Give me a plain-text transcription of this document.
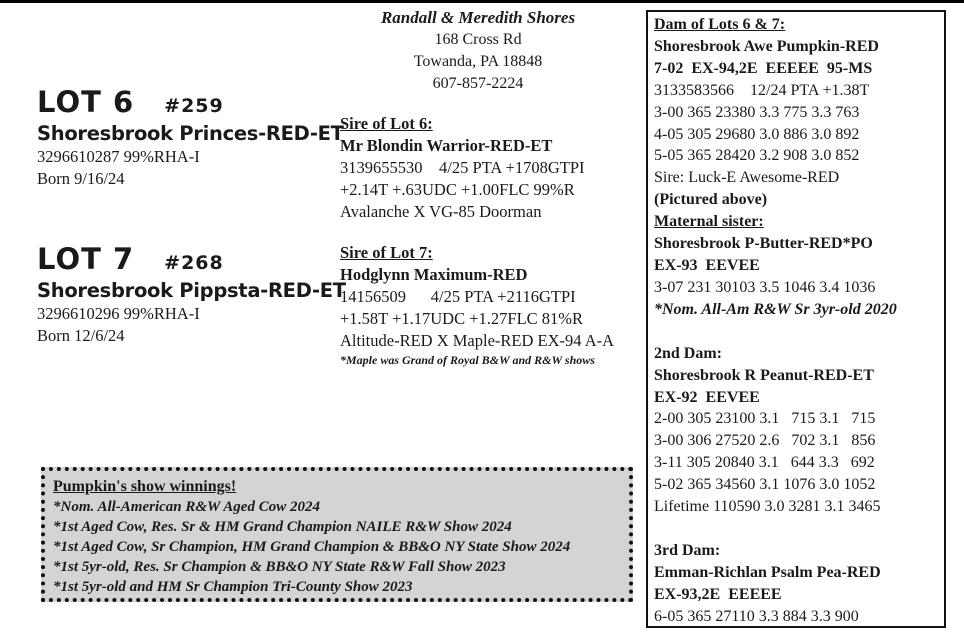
Randall & Meredith Shores
168 Cross Rd
Towanda, PA 18848
607-857-2224
LOT 6 #259
Shoresbrook Princes-RED-ET
3296610287 99%RHA-I
Born 9/16/24
LOT 7 #268
Shoresbrook Pippsta-RED-ET
3296610296 99%RHA-I
Born 12/6/24
Sire of Lot 6:
Mr Blondin Warrior-RED-ET
3139655530    4/25 PTA +1708GTPI
+2.14T +.63UDC +1.00FLC 99%R
Avalanche X VG-85 Doorman
Sire of Lot 7:
Hodglynn Maximum-RED
14156509      4/25 PTA +2116GTPI
+1.58T +1.17UDC +1.27FLC 81%R
Altitude-RED X Maple-RED EX-94 A-A
*Maple was Grand of Royal B&W and R&W shows
Pumpkin's show winnings!
*Nom. All-American R&W Aged Cow 2024
*1st Aged Cow, Res. Sr & HM Grand Champion NAILE R&W Show 2024
*1st Aged Cow, Sr Champion, HM Grand Champion & BB&O NY State Show 2024
*1st 5yr-old, Res. Sr Champion & BB&O NY State R&W Fall Show 2023
*1st 5yr-old and HM Sr Champion Tri-County Show 2023
Dam of Lots 6 & 7:
Shoresbrook Awe Pumpkin-RED
7-02  EX-94,2E  EEEEE  95-MS
3133583566    12/24 PTA +1.38T
3-00 365 23380 3.3 775 3.3 763
4-05 305 29680 3.0 886 3.0 892
5-05 365 28420 3.2 908 3.0 852
Sire: Luck-E Awesome-RED
(Pictured above)
Maternal sister:
Shoresbrook P-Butter-RED*PO
EX-93  EEVEE
3-07 231 30103 3.5 1046 3.4 1036
*Nom. All-Am R&W Sr 3yr-old 2020
2nd Dam:
Shoresbrook R Peanut-RED-ET
EX-92  EEVEE
2-00 305 23100 3.1   715 3.1   715
3-00 306 27520 2.6   702 3.1   856
3-11 305 20840 3.1   644 3.3   692
5-02 365 34560 3.1 1076 3.0 1052
Lifetime 110590 3.0 3281 3.1 3465
3rd Dam:
Emman-Richlan Psalm Pea-RED
EX-93,2E  EEEEE
6-05 365 27110 3.3 884 3.3 900
